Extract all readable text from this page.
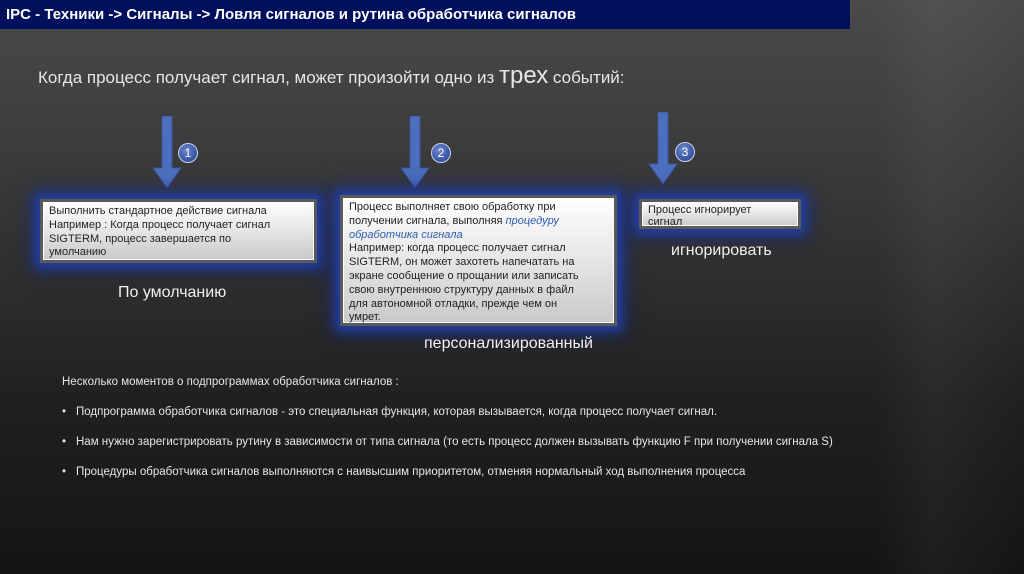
IPC - Техники -> Сигналы -> Ловля сигналов и рутина обработчика сигналов
Когда процесс получает сигнал, может произойти одно из трех событий:
1	2	3
Выполнить стандартное действие сигнала
Например : Когда процесс получает сигнал
SIGTERM, процесс завершается по
умолчанию
По умолчанию
Процесс выполняет свою обработку при
получении сигнала, выполняя процедуру
обработчика сигнала
Например: когда процесс получает сигнал
SIGTERM, он может захотеть напечатать на
экране сообщение о прощании или записать
свою внутреннюю структуру данных в файл
для автономной отладки, прежде чем он
умрет.
персонализированный
Процесс игнорирует
сигнал
игнорировать
Несколько моментов о подпрограммах обработчика сигналов :
• Подпрограмма обработчика сигналов - это специальная функция, которая вызывается, когда процесс получает сигнал.
• Нам нужно зарегистрировать рутину в зависимости от типа сигнала (то есть процесс должен вызывать функцию F при получении сигнала S)
• Процедуры обработчика сигналов выполняются с наивысшим приоритетом, отменяя нормальный ход выполнения процесса
